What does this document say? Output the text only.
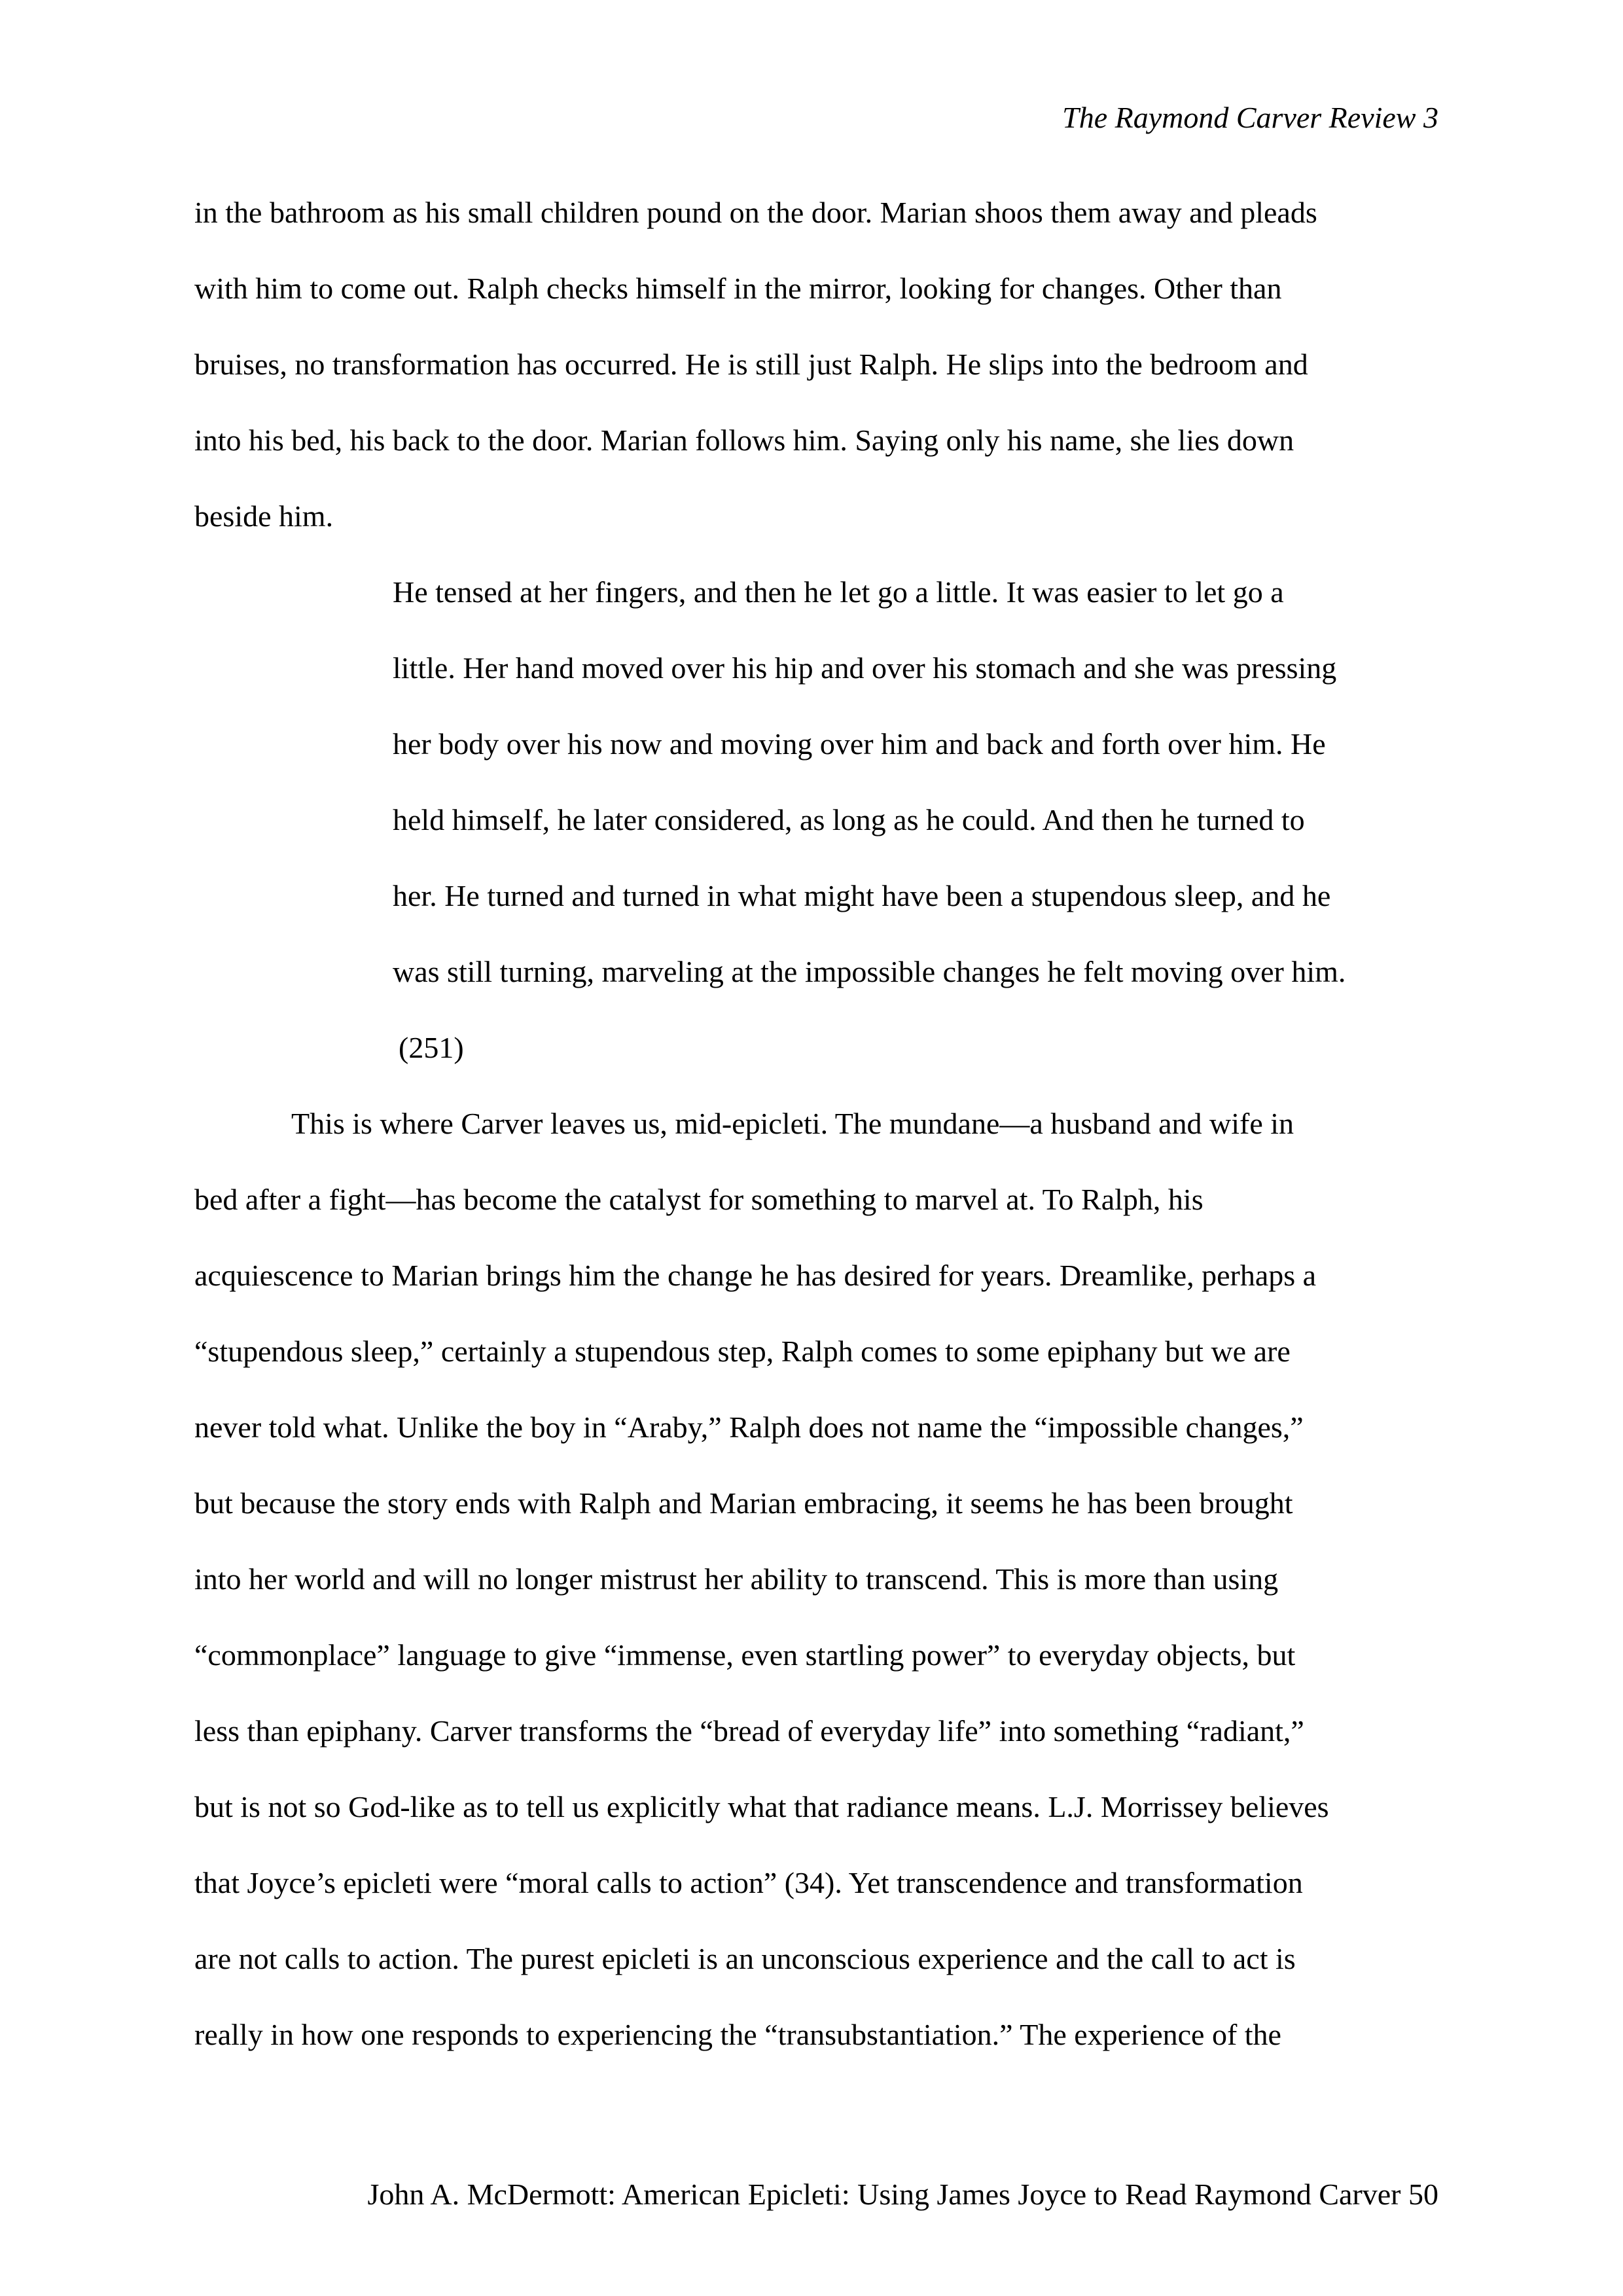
The Raymond Carver Review 3
in the bathroom as his small children pound on the door. Marian shoos them away and pleads
with him to come out. Ralph checks himself in the mirror, looking for changes. Other than
bruises, no transformation has occurred. He is still just Ralph. He slips into the bedroom and
into his bed, his back to the door. Marian follows him. Saying only his name, she lies down
beside him.
He tensed at her fingers, and then he let go a little. It was easier to let go a
little. Her hand moved over his hip and over his stomach and she was pressing
her body over his now and moving over him and back and forth over him. He
held himself, he later considered, as long as he could. And then he turned to
her. He turned and turned in what might have been a stupendous sleep, and he
was still turning, marveling at the impossible changes he felt moving over him.
(251)
This is where Carver leaves us, mid-epicleti. The mundane—a husband and wife in
bed after a fight—has become the catalyst for something to marvel at. To Ralph, his
acquiescence to Marian brings him the change he has desired for years. Dreamlike, perhaps a
“stupendous sleep,” certainly a stupendous step, Ralph comes to some epiphany but we are
never told what. Unlike the boy in “Araby,” Ralph does not name the “impossible changes,”
but because the story ends with Ralph and Marian embracing, it seems he has been brought
into her world and will no longer mistrust her ability to transcend. This is more than using
“commonplace” language to give “immense, even startling power” to everyday objects, but
less than epiphany. Carver transforms the “bread of everyday life” into something “radiant,”
but is not so God-like as to tell us explicitly what that radiance means. L.J. Morrissey believes
that Joyce’s epicleti were “moral calls to action” (34). Yet transcendence and transformation
are not calls to action. The purest epicleti is an unconscious experience and the call to act is
really in how one responds to experiencing the “transubstantiation.” The experience of the
John A. McDermott: American Epicleti: Using James Joyce to Read Raymond Carver 50
